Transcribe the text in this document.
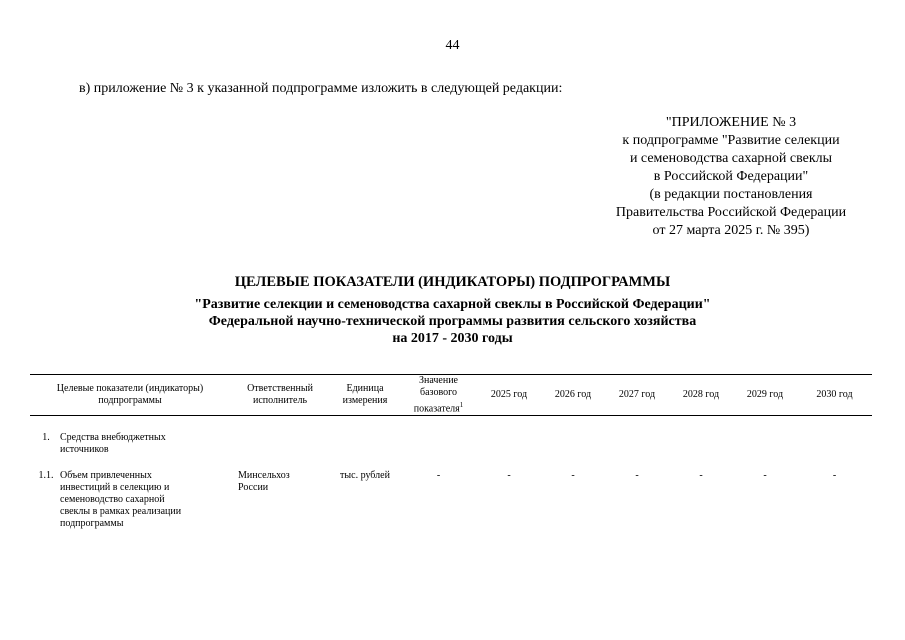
44
в) приложение № 3 к указанной подпрограмме изложить в следующей редакции:
"ПРИЛОЖЕНИЕ № 3
к подпрограмме "Развитие селекции
и семеноводства сахарной свеклы
в Российской Федерации"
(в редакции постановления
Правительства Российской Федерации
от 27 марта 2025 г. № 395)
ЦЕЛЕВЫЕ ПОКАЗАТЕЛИ (ИНДИКАТОРЫ) ПОДПРОГРАММЫ
"Развитие селекции и семеноводства сахарной свеклы в Российской Федерации"
Федеральной научно-технической программы развития сельского хозяйства
на 2017 - 2030 годы
Целевые показатели (индикаторы) подпрограммы	Ответственный исполнитель	Единица измерения	Значение базового показателя$^1$	2025 год	2026 год	2027 год	2028 год	2029 год	2030 год

1. Средства внебюджетных источников									

1.1. Объем привлеченных инвестиций в селекцию и семеноводство сахарной свеклы в рамках реализации подпрограммы	Минсельхоз России	тыс. рублей	-	-	-	-	-	-	-
